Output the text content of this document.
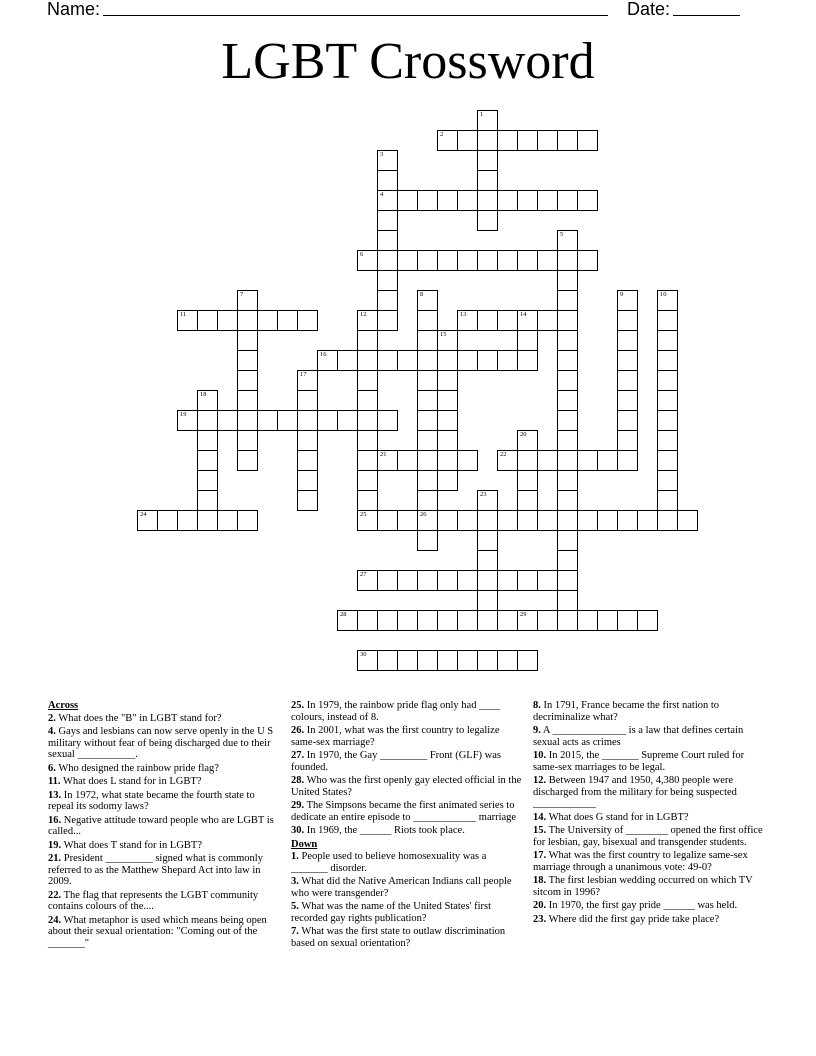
Name:	Date:
LGBT Crossword
2
4
6
11	13	14
16
19
21	22
24	25	26
27
28	29
30
1
3
5
7	8	9	10
12
15
17
18
20
23
Across
2. What does the "B" in LGBT stand for?
4. Gays and lesbians can now serve openly in the U S military without fear of being discharged due to their sexual ___________.
6. Who designed the rainbow pride flag?
11. What does L stand for in LGBT?
13. In 1972, what state became the fourth state to repeal its sodomy laws?
16. Negative attitude toward people who are LGBT is called...
19. What does T stand for in LGBT?
21. President _________ signed what is commonly referred to as the Matthew Shepard Act into law in 2009.
22. The flag that represents the LGBT community contains colours of the....
24. What metaphor is used which means being open about their sexual orientation: "Coming out of the _______"
25. In 1979, the rainbow pride flag only had ____ colours, instead of 8.
26. In 2001, what was the first country to legalize same-sex marriage?
27. In 1970, the Gay _________ Front (GLF) was founded.
28. Who was the first openly gay elected official in the United States?
29. The Simpsons became the first animated series to dedicate an entire episode to ____________ marriage
30. In 1969, the ______ Riots took place.
Down
1. People used to believe homosexuality was a _______ disorder.
3. What did the Native American Indians call people who were transgender?
5. What was the name of the United States' first recorded gay rights publication?
7. What was the first state to outlaw discrimination based on sexual orientation?
8. In 1791, France became the first nation to decriminalize what?
9. A ______________ is a law that defines certain sexual acts as crimes
10. In 2015, the _______ Supreme Court ruled for same-sex marriages to be legal.
12. Between 1947 and 1950, 4,380 people were discharged from the military for being suspected ____________
14. What does G stand for in LGBT?
15. The University of ________ opened the first office for lesbian, gay, bisexual and transgender students.
17. What was the first country to legalize same-sex marriage through a unanimous vote: 49-0?
18. The first lesbian wedding occurred on which TV sitcom in 1996?
20. In 1970, the first gay pride ______ was held.
23. Where did the first gay pride take place?
